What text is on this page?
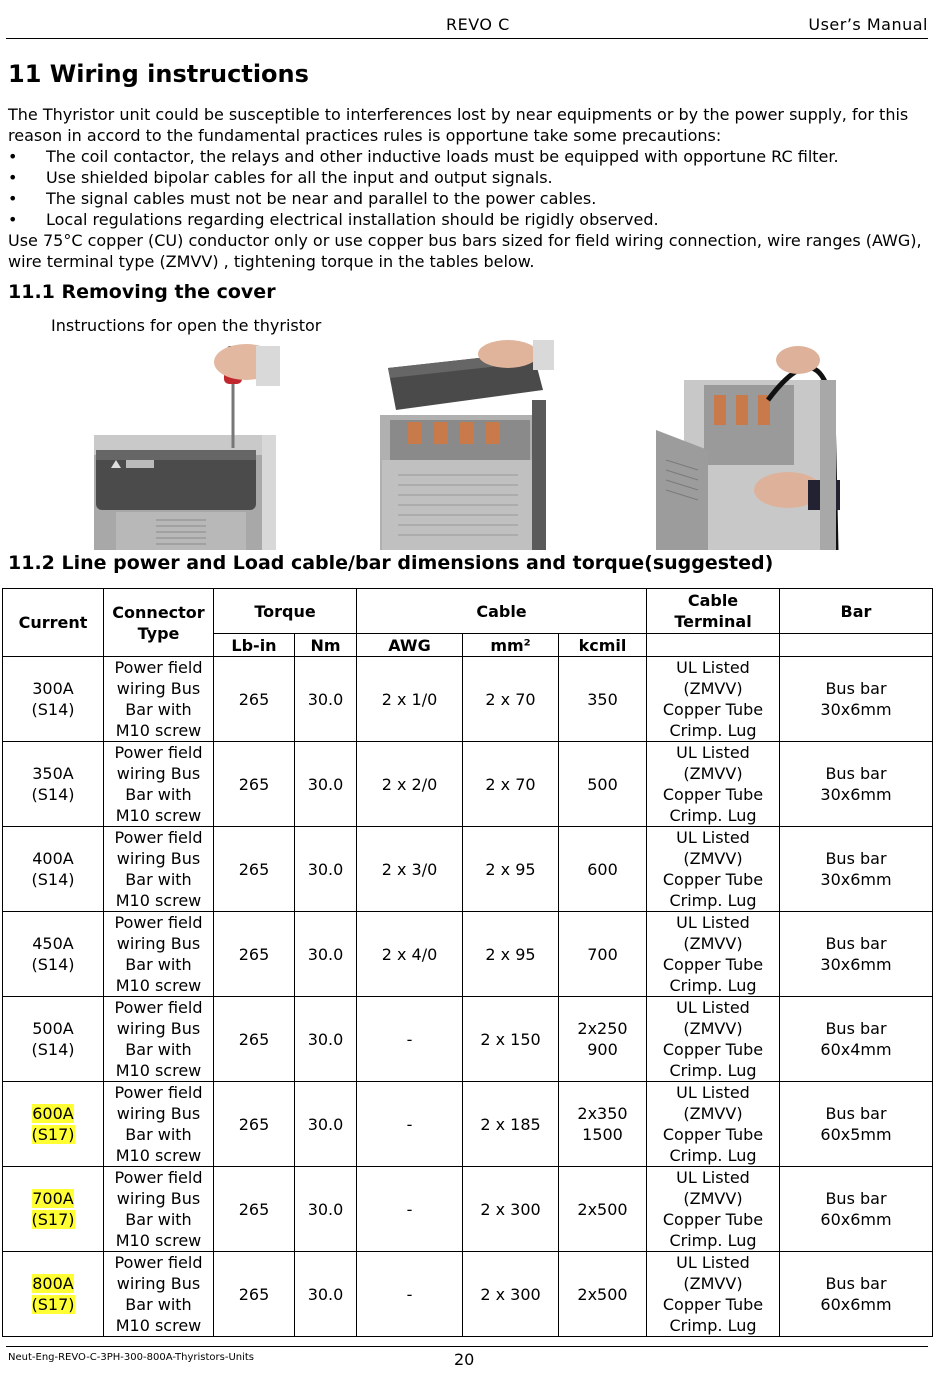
REVO C	User’s Manual
11 Wiring instructions

The Thyristor unit could be susceptible to interferences lost by near equipments or by the power supply, for this reason in accord to the fundamental practices rules is opportune take some precautions:

• The coil contactor, the relays and other inductive loads must be equipped with opportune RC filter.
• Use shielded bipolar cables for all the input and output signals.
• The signal cables must not be near and parallel to the power cables.
• Local regulations regarding electrical installation should be rigidly observed.

Use 75°C copper (CU) conductor only or use copper bus bars sized for field wiring connection, wire ranges (AWG), wire terminal type (ZMVV) , tightening torque in the tables below.

11.1 Removing the cover
Instructions for open the thyristor
11.2 Line power and Load cable/bar dimensions and torque(suggested)
Current	Connector Type	Torque		Cable			Cable Terminal	Bar
		Lb-in	Nm	AWG	mm²	kcmil		
300A
(S14)	Power field
wiring Bus
Bar with
M10 screw	265	30.0	2 x 1/0	2 x 70	350	UL Listed
(ZMVV)
Copper Tube
Crimp. Lug	Bus bar
30x6mm
350A
(S14)	Power field
wiring Bus
Bar with
M10 screw	265	30.0	2 x 2/0	2 x 70	500	UL Listed
(ZMVV)
Copper Tube
Crimp. Lug	Bus bar
30x6mm
400A
(S14)	Power field
wiring Bus
Bar with
M10 screw	265	30.0	2 x 3/0	2 x 95	600	UL Listed
(ZMVV)
Copper Tube
Crimp. Lug	Bus bar
30x6mm
450A
(S14)	Power field
wiring Bus
Bar with
M10 screw	265	30.0	2 x 4/0	2 x 95	700	UL Listed
(ZMVV)
Copper Tube
Crimp. Lug	Bus bar
30x6mm
500A
(S14)	Power field
wiring Bus
Bar with
M10 screw	265	30.0	-	2 x 150	2x250
900	UL Listed
(ZMVV)
Copper Tube
Crimp. Lug	Bus bar
60x4mm
600A
(S17)	Power field
wiring Bus
Bar with
M10 screw	265	30.0	-	2 x 185	2x350
1500	UL Listed
(ZMVV)
Copper Tube
Crimp. Lug	Bus bar
60x5mm
700A
(S17)	Power field
wiring Bus
Bar with
M10 screw	265	30.0	-	2 x 300	2x500	UL Listed
(ZMVV)
Copper Tube
Crimp. Lug	Bus bar
60x6mm
800A
(S17)	Power field
wiring Bus
Bar with
M10 screw	265	30.0	-	2 x 300	2x500	UL Listed
(ZMVV)
Copper Tube
Crimp. Lug	Bus bar
60x6mm
Neut-Eng-REVO-C-3PH-300-800A-Thyristors-Units	20
